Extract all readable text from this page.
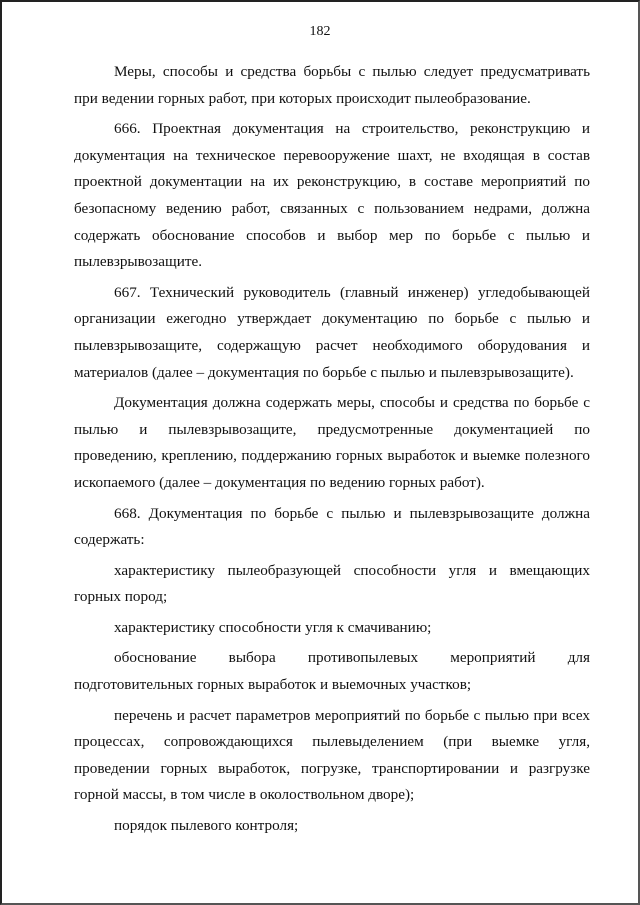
182

Меры, способы и средства борьбы с пылью следует предусматривать при ведении горных работ, при которых происходит пылеобразование.

666. Проектная документация на строительство, реконструкцию и документация на техническое перевооружение шахт, не входящая в состав проектной документации на их реконструкцию, в составе мероприятий по безопасному ведению работ, связанных с пользованием недрами, должна содержать обоснование способов и выбор мер по борьбе с пылью и пылевзрывозащите.

667. Технический руководитель (главный инженер) угледобывающей организации ежегодно утверждает документацию по борьбе с пылью и пылевзрывозащите, содержащую расчет необходимого оборудования и материалов (далее – документация по борьбе с пылью и пылевзрывозащите).

Документация должна содержать меры, способы и средства по борьбе с пылью и пылевзрывозащите, предусмотренные документацией по проведению, креплению, поддержанию горных выработок и выемке полезного ископаемого (далее – документация по ведению горных работ).

668. Документация по борьбе с пылью и пылевзрывозащите должна содержать:

характеристику пылеобразующей способности угля и вмещающих горных пород;

характеристику способности угля к смачиванию;

обоснование выбора противопылевых мероприятий для подготовительных горных выработок и выемочных участков;

перечень и расчет параметров мероприятий по борьбе с пылью при всех процессах, сопровождающихся пылевыделением (при выемке угля, проведении горных выработок, погрузке, транспортировании и разгрузке горной массы, в том числе в околоствольном дворе);

порядок пылевого контроля;
